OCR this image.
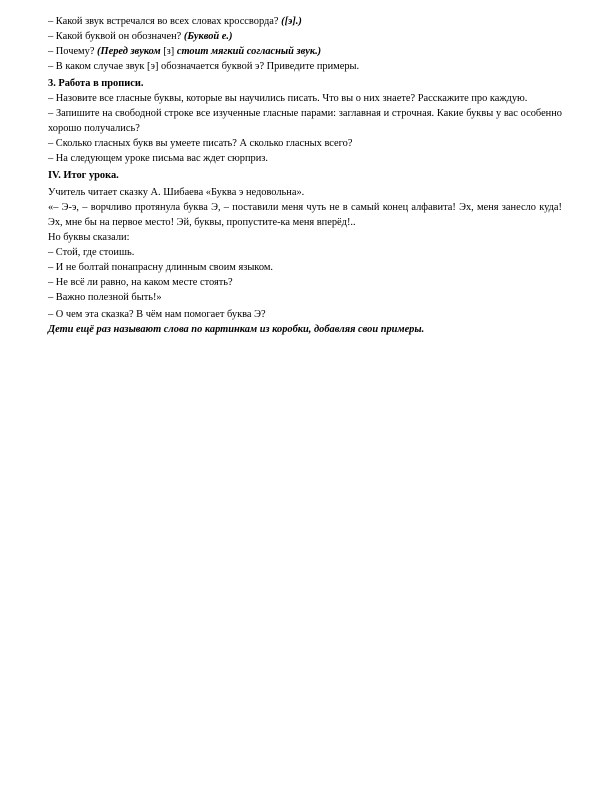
– Какой звук встречался во всех словах кроссворда? ([э].)

– Какой буквой он обозначен? (Буквой е.)

– Почему? (Перед звуком [з] стоит мягкий согласный звук.)

– В каком случае звук [э] обозначается буквой э? Приведите примеры.

3. Работа в прописи.

– Назовите все гласные буквы, которые вы научились писать. Что вы о них знаете? Расскажите про каждую.

– Запишите на свободной строке все изученные гласные парами: заглавная и строчная. Какие буквы у вас особенно хорошо получались?

– Сколько гласных букв вы умеете писать? А сколько гласных всего?

– На следующем уроке письма вас ждет сюрприз.

IV. Итог урока.

Учитель читает сказку А. Шибаева «Буква э недовольна».

«– Э-э, – ворчливо протянула буква Э, – поставили меня чуть не в самый конец алфавита! Эх, меня занесло куда! Эх, мне бы на первое место! Эй, буквы, пропустите-ка меня вперёд!..

Но буквы сказали:

– Стой, где стоишь.

– И не болтай понапрасну длинным своим языком.

– Не всё ли равно, на каком месте стоять?

– Важно полезной быть!»

– О чем эта сказка? В чём нам помогает буква Э?

Дети ещё раз называют слова по картинкам из коробки, добавляя свои примеры.
